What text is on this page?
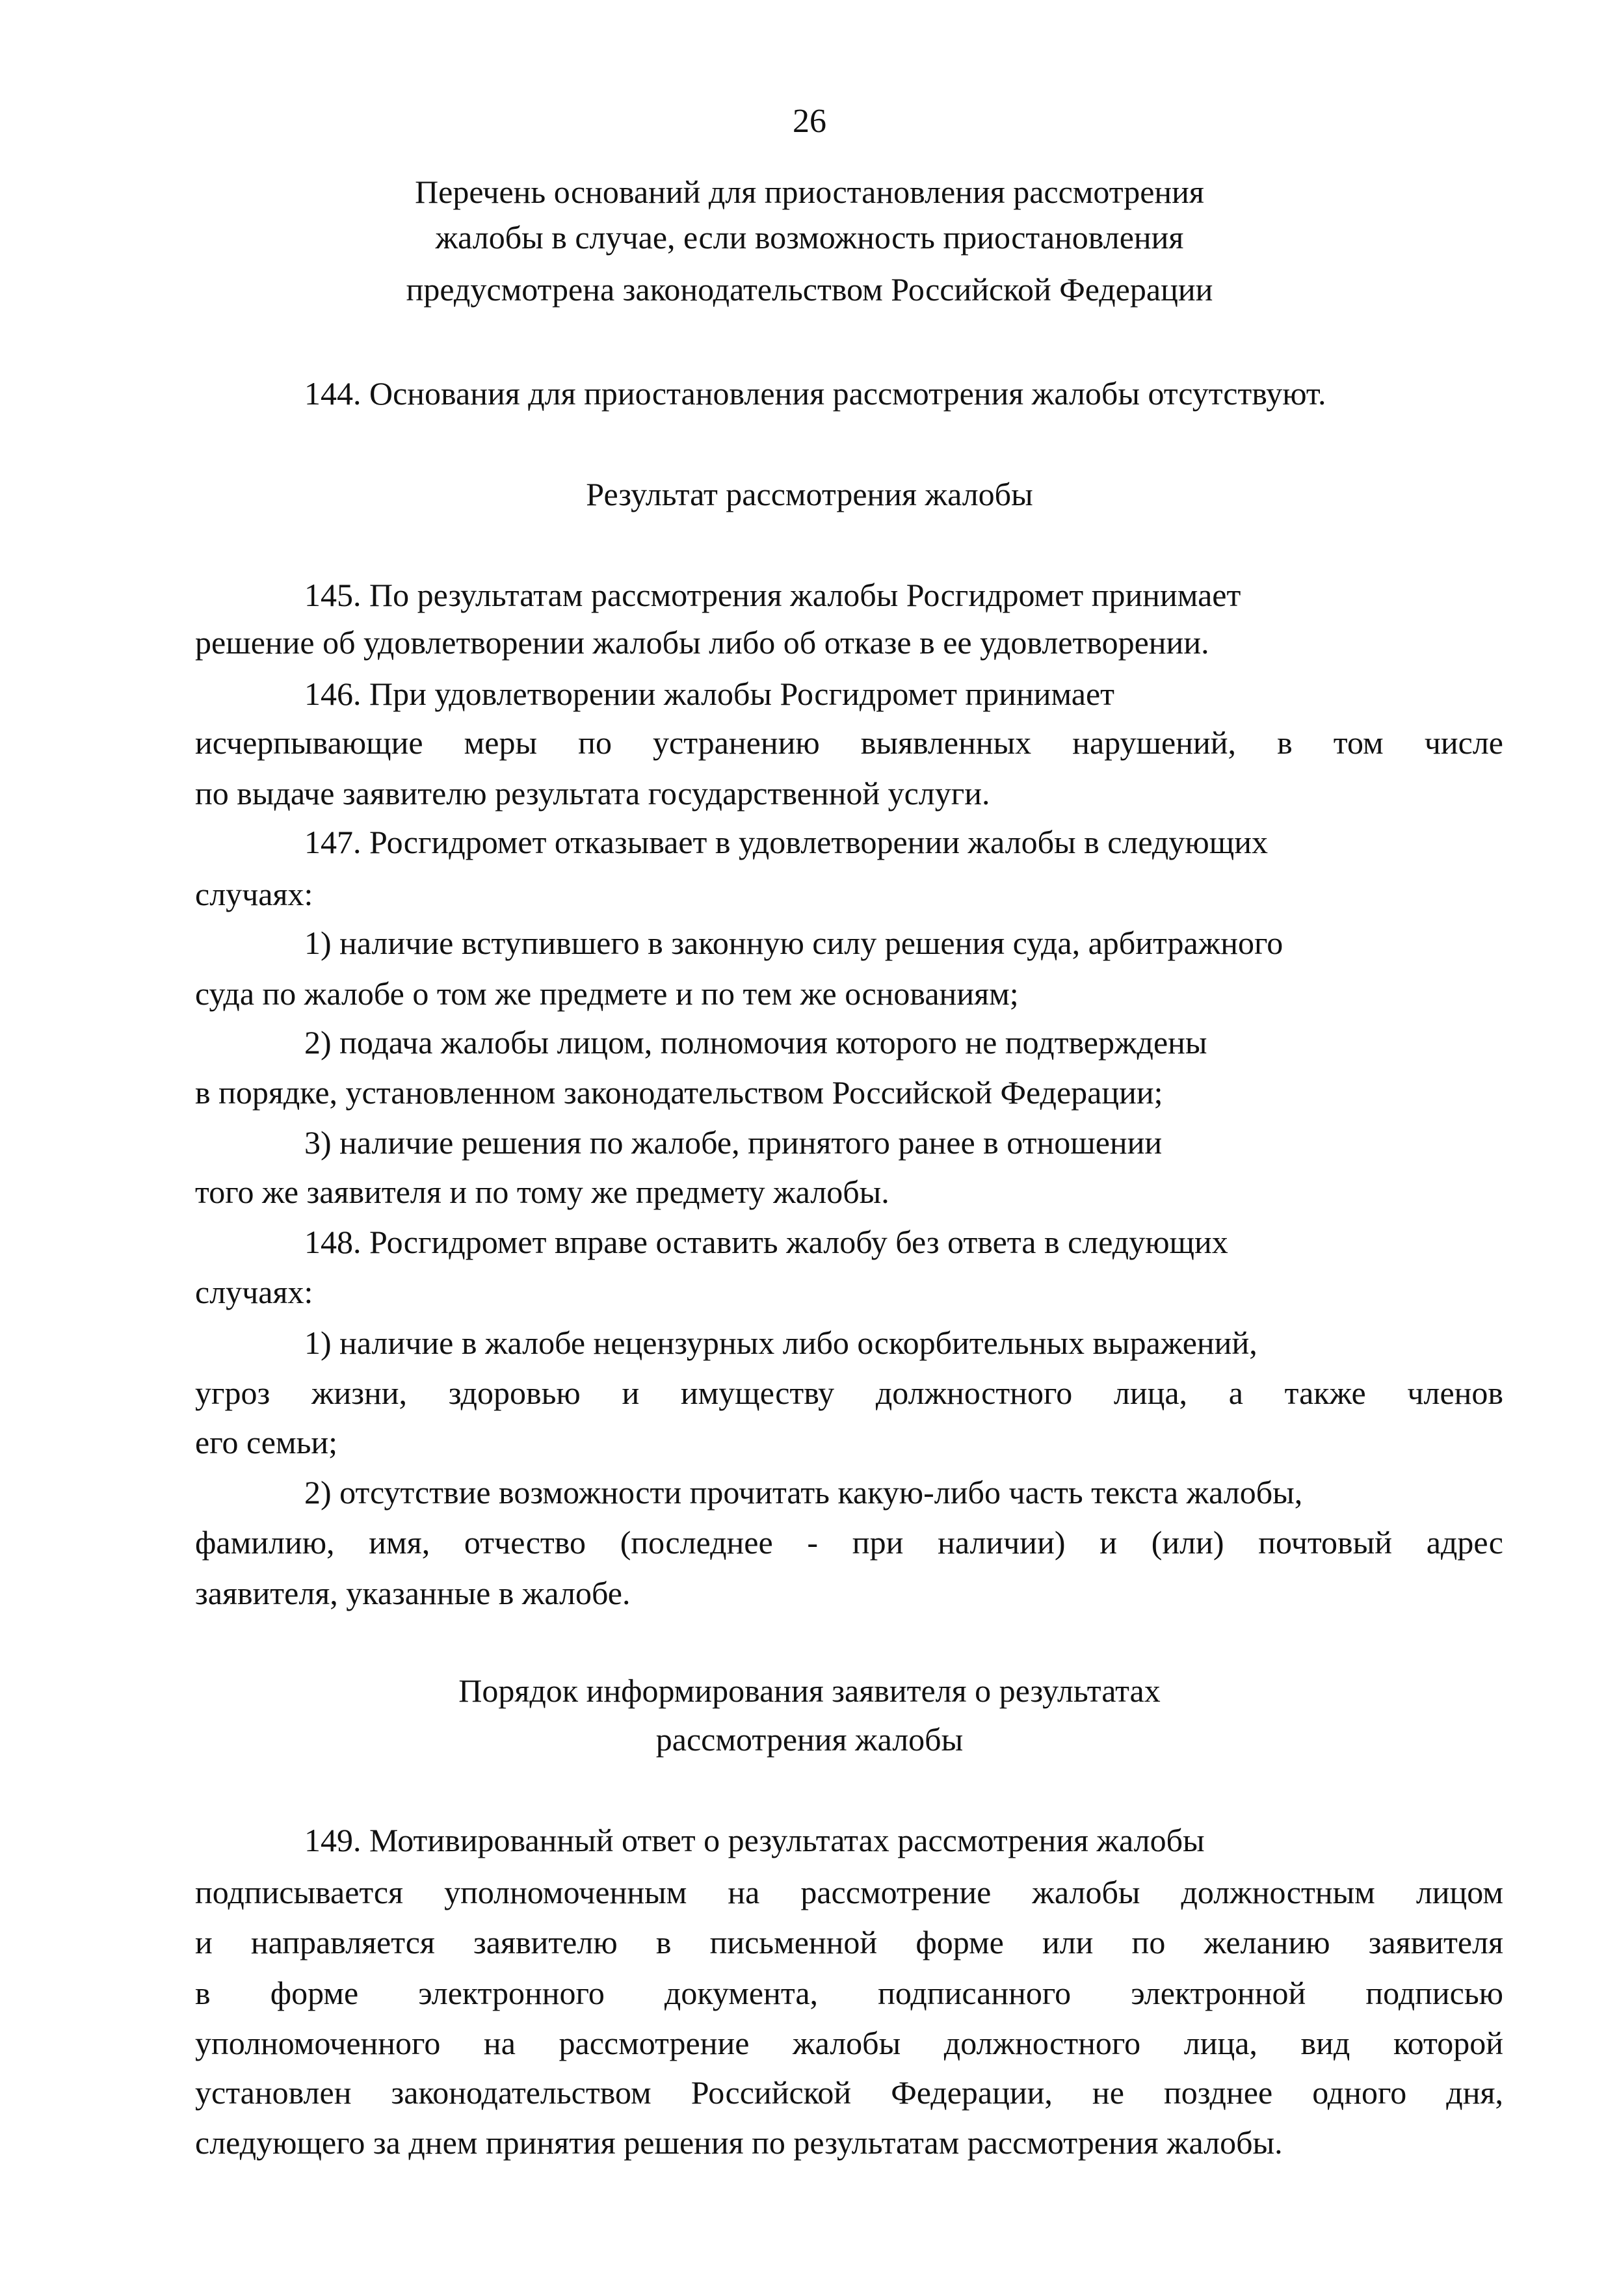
26
Перечень оснований для приостановления рассмотрения
жалобы в случае, если возможность приостановления
предусмотрена законодательством Российской Федерации
144. Основания для приостановления рассмотрения жалобы отсутствуют.
Результат рассмотрения жалобы
145. По результатам рассмотрения жалобы Росгидромет принимает
решение об удовлетворении жалобы либо об отказе в ее удовлетворении.
146. При удовлетворении жалобы Росгидромет принимает
исчерпывающие меры по устранению выявленных нарушений, в том числе
по выдаче заявителю результата государственной услуги.
147. Росгидромет отказывает в удовлетворении жалобы в следующих
случаях:
1) наличие вступившего в законную силу решения суда, арбитражного
суда по жалобе о том же предмете и по тем же основаниям;
2) подача жалобы лицом, полномочия которого не подтверждены
в порядке, установленном законодательством Российской Федерации;
3) наличие решения по жалобе, принятого ранее в отношении
того же заявителя и по тому же предмету жалобы.
148. Росгидромет вправе оставить жалобу без ответа в следующих
случаях:
1) наличие в жалобе нецензурных либо оскорбительных выражений,
угроз жизни, здоровью и имуществу должностного лица, а также членов
его семьи;
2) отсутствие возможности прочитать какую-либо часть текста жалобы,
фамилию, имя, отчество (последнее - при наличии) и (или) почтовый адрес
заявителя, указанные в жалобе.
Порядок информирования заявителя о результатах
рассмотрения жалобы
149. Мотивированный ответ о результатах рассмотрения жалобы
подписывается уполномоченным на рассмотрение жалобы должностным лицом
и направляется заявителю в письменной форме или по желанию заявителя
в форме электронного документа, подписанного электронной подписью
уполномоченного на рассмотрение жалобы должностного лица, вид которой
установлен законодательством Российской Федерации, не позднее одного дня,
следующего за днем принятия решения по результатам рассмотрения жалобы.
